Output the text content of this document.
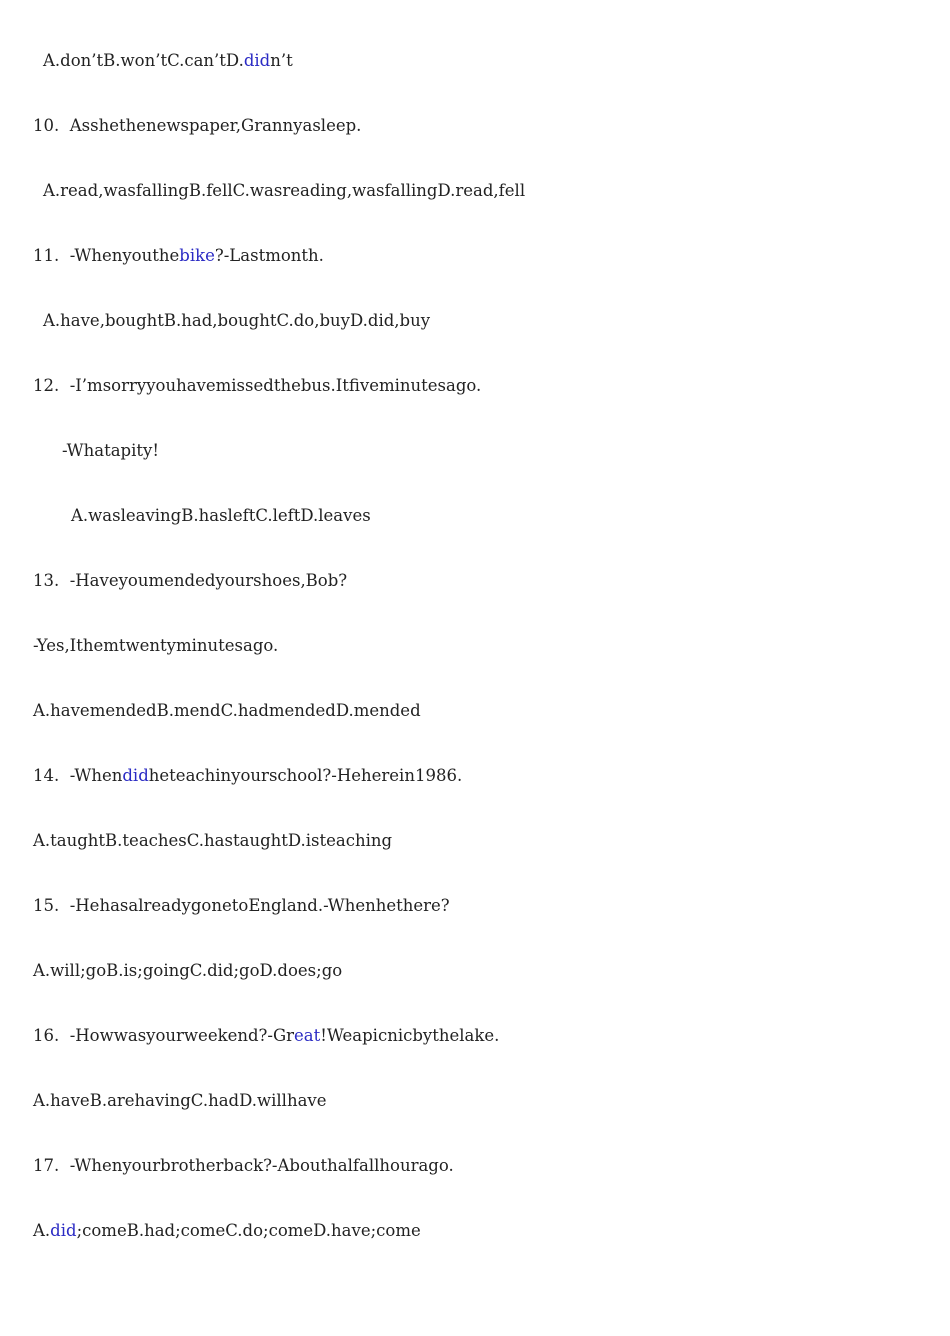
A.don’tB.won’tC.can’tD.didn’t

10.  Asshethenewspaper,Grannyasleep.

A.read,wasfallingB.fellC.wasreading,wasfallingD.read,fell

11.  -Whenyouthebike?-Lastmonth.

A.have,boughtB.had,boughtC.do,buyD.did,buy

12.  -I’msorryyouhavemissedthebus.Itfiveminutesago.

-Whatapity!

A.wasleavingB.hasleftC.leftD.leaves

13.  -Haveyoumendedyourshoes,Bob?

-Yes,Ithemtwentyminutesago.

A.havemendedB.mendC.hadmendedD.mended

14.  -Whendidheteachinyourschool?-Heherein1986.

A.taughtB.teachesC.hastaughtD.isteaching

15.  -HehasalreadygonetoEngland.-Whenhethere?

A.will;goB.is;goingC.did;goD.does;go

16.  -Howwasyourweekend?-Great!Weapicnicbythelake.

A.haveB.arehavingC.hadD.willhave

17.  -Whenyourbrotherback?-Abouthalfallhourago.

A.did;comeB.had;comeC.do;comeD.have;come
